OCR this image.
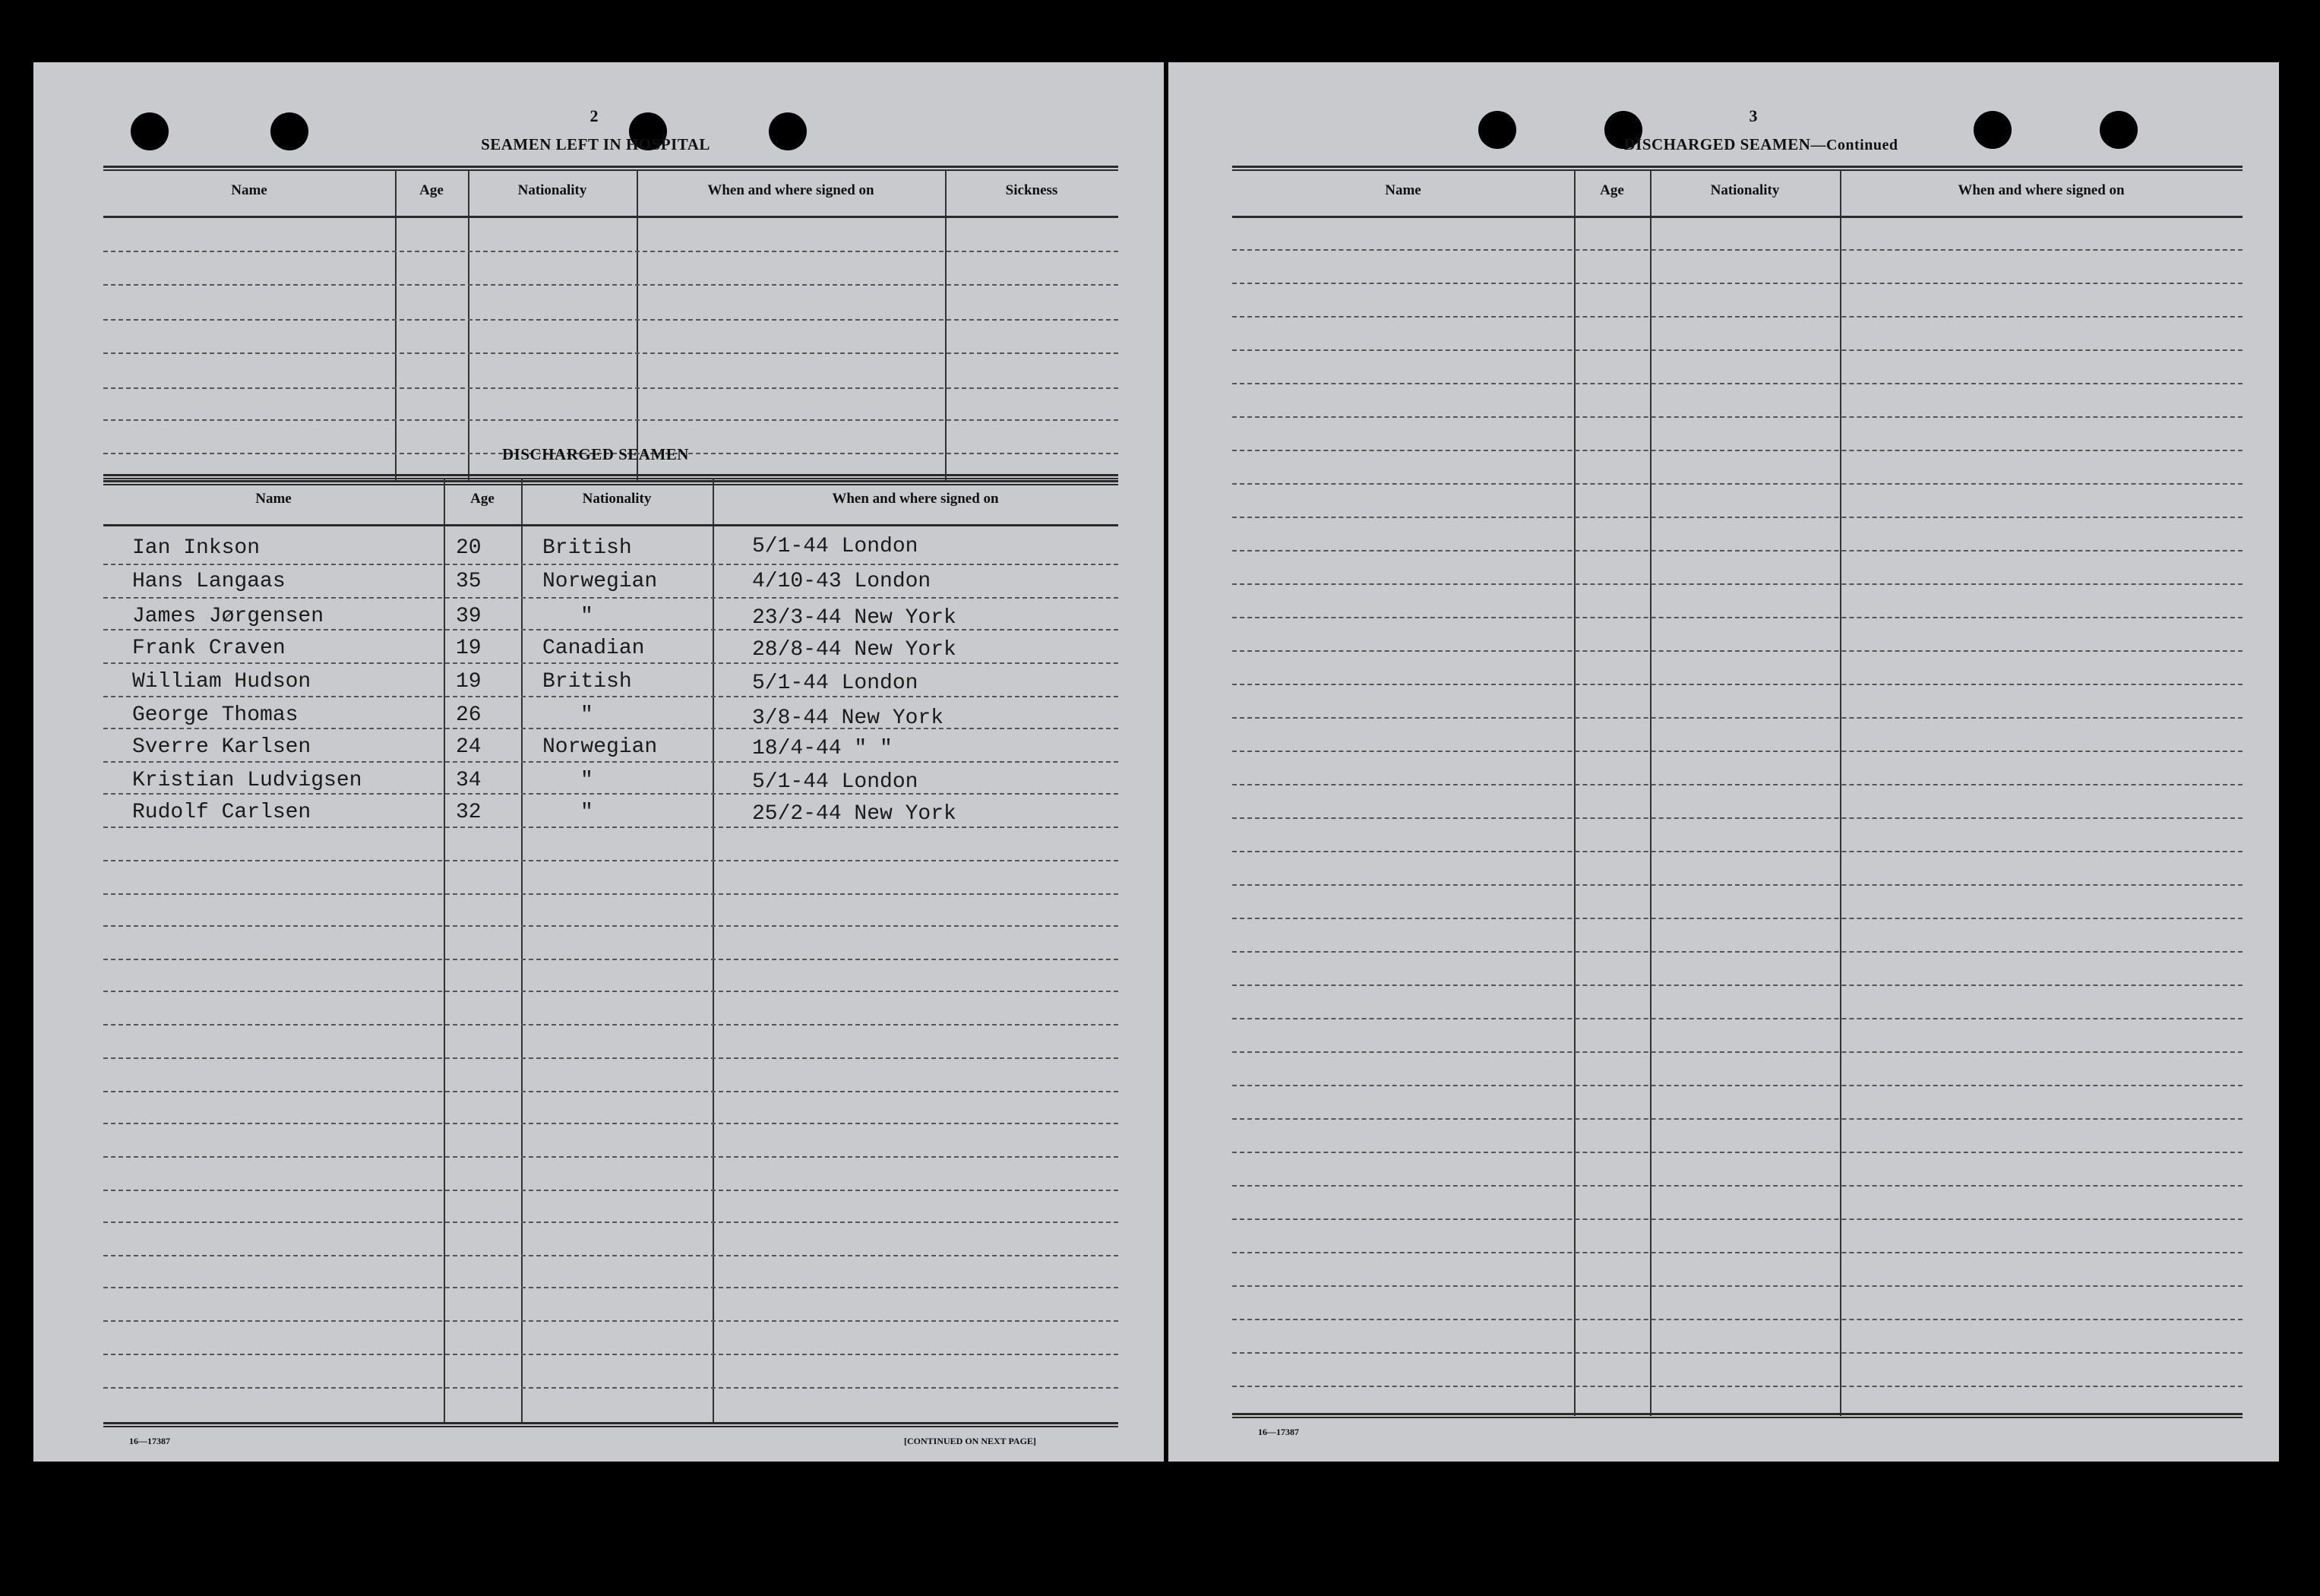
2
SEAMEN LEFT IN HOSPITAL
Name	Age	Nationality	When and where signed on	Sickness
DISCHARGED SEAMEN
Name	Age	Nationality	When and where signed on
Ian Inkson	20	British	5/1-44 London
Hans Langaas	35	Norwegian	4/10-43 London
James Jørgensen	39	"	23/3-44 New York
Frank Craven	19	Canadian	28/8-44 New York
William Hudson	19	British	5/1-44 London
George Thomas	26	"	3/8-44 New York
Sverre Karlsen	24	Norwegian	18/4-44 " "
Kristian Ludvigsen	34	"	5/1-44 London
Rudolf Carlsen	32	"	25/2-44 New York
16—17387	[CONTINUED ON NEXT PAGE]
3
DISCHARGED SEAMEN—Continued
Name	Age	Nationality	When and where signed on
16—17387
